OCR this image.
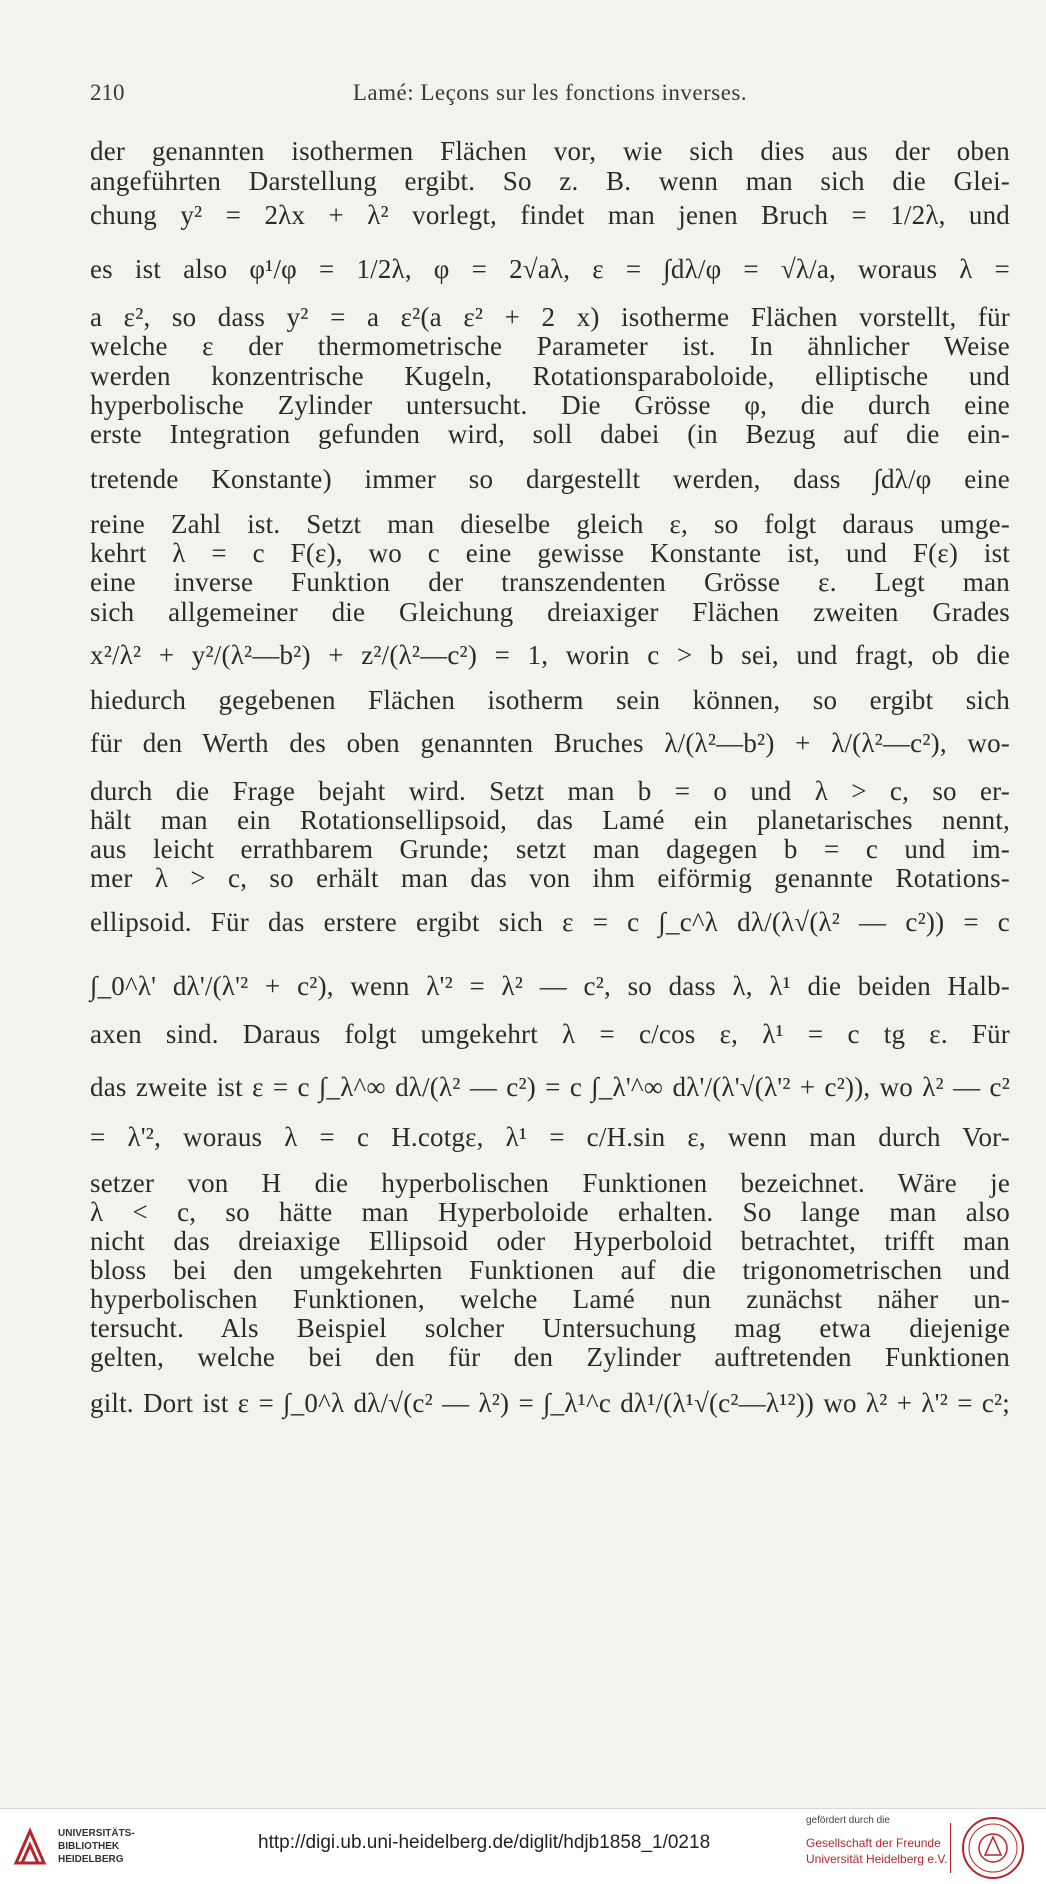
210	Lamé: Leçons sur les fonctions inverses.
der genannten isothermen Flächen vor, wie sich dies aus der oben
angeführten Darstellung ergibt. So z. B. wenn man sich die Glei-
chung y² = 2λx + λ² vorlegt, findet man jenen Bruch = 1/2λ, und
es ist also φ¹/φ = 1/2λ, φ = 2√aλ, ε = ∫dλ/φ = √λ/a, woraus λ =
a ε², so dass y² = a ε²(a ε² + 2 x) isotherme Flächen vorstellt, für
welche ε der thermometrische Parameter ist. In ähnlicher Weise
werden konzentrische Kugeln, Rotationsparaboloide, elliptische und
hyperbolische Zylinder untersucht. Die Grösse φ, die durch eine
erste Integration gefunden wird, soll dabei (in Bezug auf die ein-
tretende Konstante) immer so dargestellt werden, dass ∫dλ/φ eine
reine Zahl ist. Setzt man dieselbe gleich ε, so folgt daraus umge-
kehrt λ = c F(ε), wo c eine gewisse Konstante ist, und F(ε) ist
eine inverse Funktion der transzendenten Grösse ε. Legt man
sich allgemeiner die Gleichung dreiaxiger Flächen zweiten Grades
x²/λ² + y²/(λ²—b²) + z²/(λ²—c²) = 1, worin c > b sei, und fragt, ob die
hiedurch gegebenen Flächen isotherm sein können, so ergibt sich
für den Werth des oben genannten Bruches λ/(λ²—b²) + λ/(λ²—c²), wo-
durch die Frage bejaht wird. Setzt man b = o und λ > c, so er-
hält man ein Rotationsellipsoid, das Lamé ein planetarisches nennt,
aus leicht errathbarem Grunde; setzt man dagegen b = c und im-
mer λ > c, so erhält man das von ihm eiförmig genannte Rotations-
ellipsoid. Für das erstere ergibt sich ε = c ∫_c^λ dλ/(λ√(λ² — c²)) = c
∫_0^λ' dλ'/(λ'² + c²), wenn λ'² = λ² — c², so dass λ, λ¹ die beiden Halb-
axen sind. Daraus folgt umgekehrt λ = c/cos ε, λ¹ = c tg ε. Für
das zweite ist ε = c ∫_λ^∞ dλ/(λ² — c²) = c ∫_λ'^∞ dλ'/(λ'√(λ'² + c²)), wo λ² — c²
= λ'², woraus λ = c H.cotgε, λ¹ = c/H.sin ε, wenn man durch Vor-
setzer von H die hyperbolischen Funktionen bezeichnet. Wäre je
λ < c, so hätte man Hyperboloide erhalten. So lange man also
nicht das dreiaxige Ellipsoid oder Hyperboloid betrachtet, trifft man
bloss bei den umgekehrten Funktionen auf die trigonometrischen und
hyperbolischen Funktionen, welche Lamé nun zunächst näher un-
tersucht. Als Beispiel solcher Untersuchung mag etwa diejenige
gelten, welche bei den für den Zylinder auftretenden Funktionen
gilt. Dort ist ε = ∫_0^λ dλ/√(c² — λ²) = ∫_λ¹^c dλ¹/(λ¹√(c²—λ¹²)) wo λ² + λ'² = c²;
UNIVERSITÄTS-
BIBLIOTHEK
HEIDELBERG
http://digi.ub.uni-heidelberg.de/diglit/hdjb1858_1/0218
gefördert durch die
Gesellschaft der Freunde
Universität Heidelberg e.V.
